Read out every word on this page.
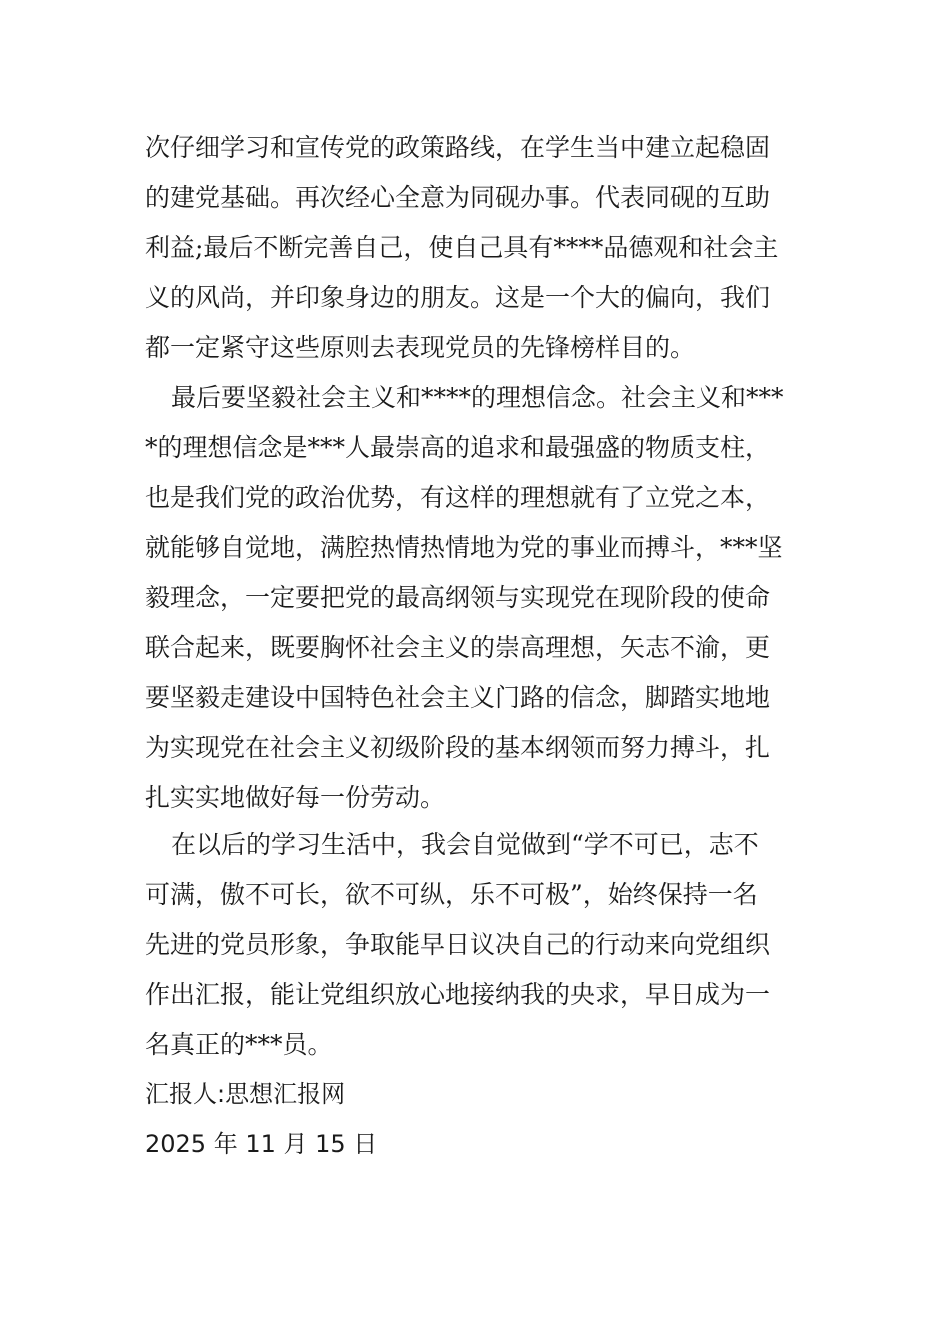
次仔细学习和宣传党的政策路线，在学生当中建立起稳固
的建党基础。再次经心全意为同砚办事。代表同砚的互助
利益;最后不断完善自己，使自己具有****品德观和社会主
义的风尚，并印象身边的朋友。这是一个大的偏向，我们
都一定紧守这些原则去表现党员的先锋榜样目的。
最后要坚毅社会主义和****的理想信念。社会主义和***
*的理想信念是***人最崇高的追求和最强盛的物质支柱，
也是我们党的政治优势，有这样的理想就有了立党之本，
就能够自觉地，满腔热情热情地为党的事业而搏斗，***坚
毅理念，一定要把党的最高纲领与实现党在现阶段的使命
联合起来，既要胸怀社会主义的崇高理想，矢志不渝，更
要坚毅走建设中国特色社会主义门路的信念，脚踏实地地
为实现党在社会主义初级阶段的基本纲领而努力搏斗，扎
扎实实地做好每一份劳动。
在以后的学习生活中，我会自觉做到“学不可已，志不
可满，傲不可长，欲不可纵，乐不可极”，始终保持一名
先进的党员形象，争取能早日议决自己的行动来向党组织
作出汇报，能让党组织放心地接纳我的央求，早日成为一
名真正的***员。
汇报人:思想汇报网
2025 年 11 月 15 日
